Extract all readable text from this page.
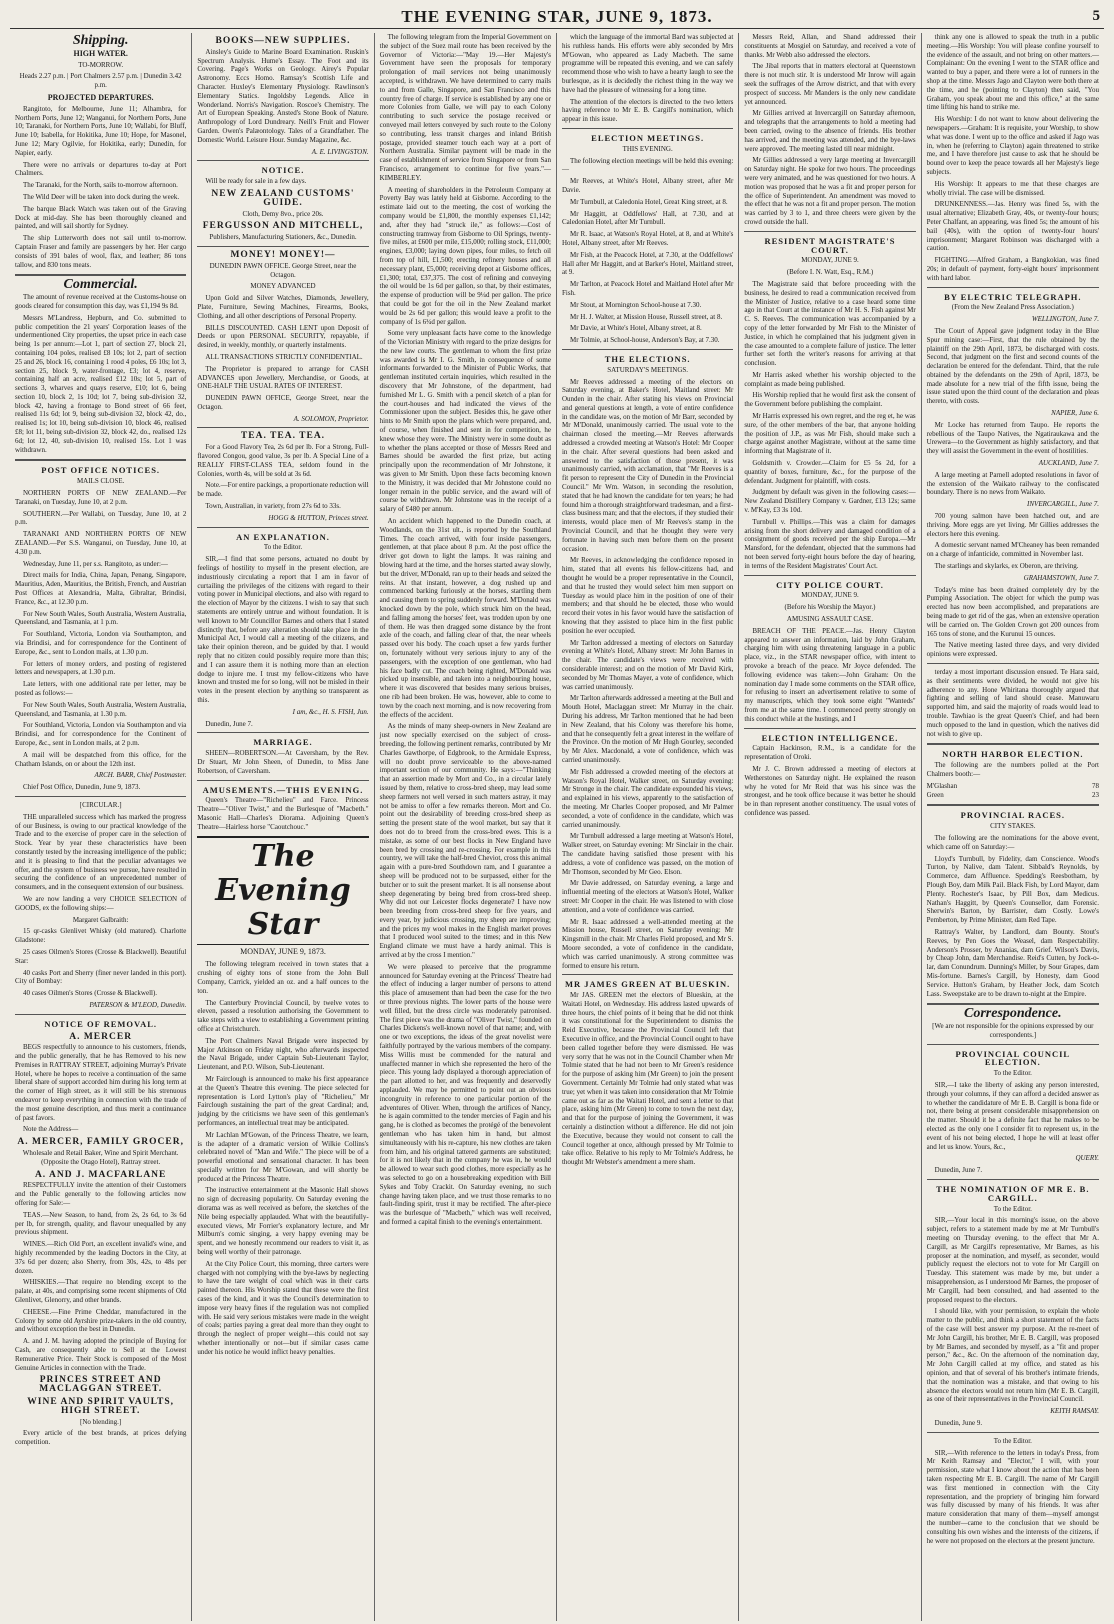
THE EVENING STAR, JUNE 9, 1873.	5
Shipping.
HIGH WATER.

TO-MORROW.

Heads 2.27 p.m. | Port Chalmers 2.57 p.m. | Dunedin 3.42 p.m.

PROJECTED DEPARTURES.

Rangitoto, for Melbourne, June 11; Alhambra, for Northern Ports, June 12; Wanganui, for Northern Ports, June 10; Taranaki, for Northern Ports, June 10; Wallabi, for Bluff, June 10; Isabella, for Hokitika, June 10; Hope, for Masonel, June 12; Mary Ogilvie, for Hokitika, early; Dunedin, for Napier, early.

There were no arrivals or departures to-day at Port Chalmers.

The Taranaki, for the North, sails to-morrow afternoon.

The Wild Deer will be taken into dock during the week.

The barque Black Watch was taken out of the Graving Dock at mid-day. She has been thoroughly cleaned and painted, and will sail shortly for Sydney.

The ship Lutterworth does not sail until to-morrow. Captain Fraser and family are passengers by her. Her cargo consists of 391 bales of wool, flax, and leather; 86 tons tallow, and 830 tons meats.

Commercial.

The amount of revenue received at the Customs-house on goods cleared for consumption this day, was £1,194 9s 8d.

Messrs M'Landress, Hepburn, and Co. submitted to public competition the 21 years' Corporation leases of the undermentioned City properties, the upset price in each case being 1s per annum:—Lot 1, part of section 27, block 21, containing 104 poles, realised £8 10s; lot 2, part of section 25 and 26, block 16, containing 1 rood 4 poles, £6 10s; lot 3, section 25, block 9, water-frontage, £3; lot 4, reserve, containing half an acre, realised £12 10s; lot 5, part of sections 3, wharves and quays reserve, £10; lot 6, being section 10, block 2, 1s 10d; lot 7, being sub-division 32, block 42, having a frontage to Bond street of 66 feet, realised 11s 6d; lot 9, being sub-division 32, block 42, do., realised 1s; lot 10, being sub-division 10, block 46, realised £8; lot 11, being sub-division 32, block 42, do., realised 12s 6d; lot 12, 40, sub-division 10, realised 15s. Lot 1 was withdrawn.

POST OFFICE NOTICES.

MAILS CLOSE.

NORTHERN PORTS OF NEW ZEALAND.—Per Taranaki, on Tuesday, June 10, at 2 p.m.

SOUTHERN.—Per Wallabi, on Tuesday, June 10, at 2 p.m.

TARANAKI AND NORTHERN PORTS OF NEW ZEALAND.—Per S.S. Wanganui, on Tuesday, June 10, at 4.30 p.m.

Wednesday, June 11, per s.s. Rangitoto, as under:—

Direct mails for India, China, Japan, Penang, Singapore, Mauritius, Aden, Mauritius, the British, French, and Austrian Post Offices at Alexandria, Malta, Gibraltar, Brindisi, France, &c., at 12.30 p.m.

For New South Wales, South Australia, Western Australia, Queensland, and Tasmania, at 1 p.m.

For Southland, Victoria, London via Southampton, and via Brindisi, and for correspondence for the Continent of Europe, &c., sent to London mails, at 1.30 p.m.

For letters of money orders, and posting of registered letters and newspapers, at 1.30 p.m.

Late letters, with one additional rate per letter, may be posted as follows:—

For New South Wales, South Australia, Western Australia, Queensland, and Tasmania, at 1.30 p.m.

For Southland, Victoria, London via Southampton and via Brindisi, and for correspondence for the Continent of Europe, &c., sent in London mails, at 2 p.m.

A mail will be despatched from this office, for the Chatham Islands, on or about the 12th inst.

ARCH. BARR, Chief Postmaster.

Chief Post Office, Dunedin, June 9, 1873.

[CIRCULAR.]

THE unparalleled success which has marked the progress of our Business, is owing to our practical knowledge of the Trade and to the exercise of proper care in the selection of Stock. Year by year these characteristics have been constantly tested by the increasing intelligence of the public; and it is pleasing to find that the peculiar advantages we offer, and the system of business we pursue, have resulted in securing the confidence of an unprecedented number of consumers, and in the consequent extension of our business.

We are now landing a very CHOICE SELECTION of GOODS, ex the following ships:—

Margaret Galbraith:

15 qr-casks Glenlivet Whisky (old matured). Charlotte Gladstone:

25 cases Oilmen's Stores (Crosse & Blackwell). Beautiful Star:

40 casks Port and Sherry (finer never landed in this port). City of Bombay:

40 cases Oilmen's Stores (Crosse & Blackwell).

PATERSON & M'LEOD, Dunedin.

NOTICE OF REMOVAL.
A. MERCER

BEGS respectfully to announce to his customers, friends, and the public generally, that he has Removed to his new Premises in RATTRAY STREET, adjoining Murray's Private Hotel, where he hopes to receive a continuation of the same liberal share of support accorded him during his long term at the corner of High street, as it will still be his strenuous endeavor to keep everything in connection with the trade of the most genuine description, and thus merit a continuance of past favors.

Note the Address—

A. MERCER, FAMILY GROCER,

Wholesale and Retail Baker, Wine and Spirit Merchant. (Opposite the Otago Hotel), Rattray street.

A. AND J. MACFARLANE

RESPECTFULLY invite the attention of their Customers and the Public generally to the following articles now offering for Sale:—

TEAS.—New Season, to hand, from 2s, 2s 6d, to 3s 6d per lb, for strength, quality, and flavour unequalled by any previous shipment.

WINES.—Rich Old Port, an excellent invalid's wine, and highly recommended by the leading Doctors in the City, at 37s 6d per dozen; also Sherry, from 30s, 42s, to 48s per dozen.

WHISKIES.—That require no blending except to the palate, at 40s, and comprising some recent shipments of Old Glenlivet, Glenorry, and other brands.

CHEESE.—Fine Prime Cheddar, manufactured in the Colony by some old Ayrshire prize-takers in the old country, and without exception the best in Dunedin.

A. and J. M. having adopted the principle of Buying for Cash, are consequently able to Sell at the Lowest Remunerative Price. Their Stock is composed of the Most Genuine Articles in connection with the Trade.

PRINCES STREET AND MACLAGGAN STREET.
WINE AND SPIRIT VAULTS, HIGH STREET.

[No blending.]

Every article of the best brands, at prices defying competition.

BOOKS—NEW SUPPLIES.

Ainsley's Guide to Marine Board Examination. Ruskin's Spectrum Analysis. Hume's Essay. The Foot and its Covering. Page's Works on Geology. Airey's Popular Astronomy. Eccs Homo. Ramsay's Scottish Life and Character. Huxley's Elementary Physiology. Rawlinson's Elementary Statics. Ingoldsby Legends. Alice in Wonderland. Norris's Navigation. Roscoe's Chemistry. The Art of European Speaking. Ansted's Stone Book of Nature. Anthropology of Lord Dundreary. Neill's Fruit and Flower Garden. Owen's Palæontology. Tales of a Grandfather. The Domestic World. Leisure Hour. Sunday Magazine, &c.

A. E. LIVINGSTON.

NOTICE.

Will be ready for sale in a few days.

NEW ZEALAND CUSTOMS' GUIDE.

Cloth, Demy 8vo., price 20s.

FERGUSSON AND MITCHELL,

Publishers, Manufacturing Stationers, &c., Dunedin.

MONEY! MONEY!—

DUNEDIN PAWN OFFICE. George Street, near the Octagon.

MONEY ADVANCED

Upon Gold and Silver Watches, Diamonds, Jewellery, Plate, Furniture, Sewing Machines, Firearms, Books, Clothing, and all other descriptions of Personal Property.

BILLS DISCOUNTED. CASH LENT upon Deposit of Deeds or upon PERSONAL SECURITY, repayable, if desired, in weekly, monthly, or quarterly instalments.

ALL TRANSACTIONS STRICTLY CONFIDENTIAL.

The Proprietor is prepared to arrange for CASH ADVANCES upon Jewellery, Merchandise, or Goods, at ONE-HALF THE USUAL RATES OF INTEREST.

DUNEDIN PAWN OFFICE, George Street, near the Octagon.

A. SOLOMON, Proprietor.

TEA. TEA. TEA.

For a Good Flavory Tea, 2s 6d per lb. For a Strong, Full-flavored Congou, good value, 3s per lb. A Special Line of a REALLY FIRST-CLASS TEA, seldom found in the Colonies, worth 4s, will be sold at 3s 6d.

Note.—For entire packings, a proportionate reduction will be made.

Town, Australian, in variety, from 27s 6d to 33s.

HOGG & HUTTON, Princes street.

AN EXPLANATION.

To the Editor.

SIR,—I find that some persons, actuated no doubt by feelings of hostility to myself in the present election, are industriously circulating a report that I am in favor of curtailing the privileges of the citizens with regard to their voting power in Municipal elections, and also with regard to the election of Mayor by the citizens. I wish to say that such statements are entirely untrue and without foundation. It is well known to Mr Councillor Barnes and others that I stated distinctly that, before any alteration should take place in the Municipal Act, I would call a meeting of the citizens, and take their opinion thereon, and be guided by that. I would reply that no citizen could possibly require more than this; and I can assure them it is nothing more than an election dodge to injure me. I trust my fellow-citizens who have known and trusted me for so long, will not be misled in their votes in the present election by anything so transparent as this.

I am, &c., H. S. FISH, Jun.

Dunedin, June 7.

MARRIAGE.

SHEEN—ROBERTSON.—At Caversham, by the Rev. Dr Stuart, Mr John Sheen, of Dunedin, to Miss Jane Robertson, of Caversham.

AMUSEMENTS.—THIS EVENING.

Queen's Theatre—"Richelieu" and Farce. Princess Theatre—"Oliver Twist," and the Burlesque of "Macbeth." Masonic Hall—Charles's Diorama. Adjoining Queen's Theatre—Hairless horse "Caoutchouc."

The Evening Star
MONDAY, JUNE 9, 1873.

The following telegram received in town states that a crushing of eighty tons of stone from the John Bull Company, Carrick, yielded an oz. and a half ounces to the ton.

The Canterbury Provincial Council, by twelve votes to eleven, passed a resolution authorising the Government to take steps with a view to establishing a Government printing office at Christchurch.

The Port Chalmers Naval Brigade were inspected by Major Atkinson on Friday night, who afterwards inspected the Naval Brigade, under Captain Sub-Lieutenant Taylor, Lieutenant, and P.O. Wilson, Sub-Lieutenant.

Mr Fairclough is announced to make his first appearance at the Queen's Theatre this evening. The piece selected for representation is Lord Lytton's play of "Richelieu," Mr Fairclough sustaining the part of the great Cardinal; and, judging by the criticisms we have seen of this gentleman's performances, an intellectual treat may be anticipated.

Mr Lachlan M'Gowan, of the Princess Theatre, we learn, is the adapter of a dramatic version of Wilkie Collins's celebrated novel of "Man and Wife." The piece will be of a powerful emotional and sensational character. It has been specially written for Mr M'Gowan, and will shortly be produced at the Princess Theatre.

The instructive entertainment at the Masonic Hall shows no sign of decreasing popularity. On Saturday evening the diorama was as well received as before, the sketches of the Nile being especially applauded. What with the beautifully-executed views, Mr Forrier's explanatory lecture, and Mr Milburn's comic singing, a very happy evening may be spent, and we honestly recommend our readers to visit it, as being well worthy of their patronage.

At the City Police Court, this morning, three carters were charged with not complying with the bye-laws by neglecting to have the tare weight of coal which was in their carts painted thereon. His Worship stated that these were the first cases of the kind, and it was the Council's determination to impose very heavy fines if the regulation was not complied with. He said very serious mistakes were made in the weight of coals; parties paying a great deal more than they ought to through the neglect of proper weight—this could not say whether intentionally or not—but if similar cases came under his notice he would inflict heavy penalties.

The following telegram from the Imperial Government on the subject of the Suez mail route has been received by the Governor of Victoria:—"May 19.—Her Majesty's Government have seen the proposals for temporary prolongation of mail services not being unanimously accepted, is withdrawn. We have determined to carry mails to and from Galle, Singapore, and San Francisco and this country free of charge. If service is established by any one or more Colonies from Galle, we will pay to each Colony contributing to such service the postage received or conveyed mail letters conveyed by such route to the Colony so contributing, less transit charges and inland British postage, provided steamer touch each way at a port of Northern Australia. Similar payment will be made in the case of establishment of service from Singapore or from San Francisco, arrangement to continue for five years."—KIMBERLEY.

A meeting of shareholders in the Petroleum Company at Poverty Bay was lately held at Gisborne. According to the estimate laid out to the meeting, the cost of working the company would be £1,800, the monthly expenses £1,142; and, after they had "struck ile," as follows:—Cost of constructing tramway from Gisborne to Oil Springs, twenty-five miles, at £600 per mile, £15,000; rolling stock, £11,000; engines, £3,000; laying down pipes, four miles, to fetch oil from top of hill, £1,500; erecting refinery houses and all necessary plant, £5,000; receiving depot at Gisborne offices, £1,300; total, £37,375. The cost of refining and conveying the oil would be 1s 6d per gallon, so that, by their estimates, the expense of production will be 9¼d per gallon. The price that could be got for the oil in the New Zealand market would be 2s 6d per gallon; this would leave a profit to the company of 1s 6¾d per gallon.

Some very unpleasant facts have come to the knowledge of the Victorian Ministry with regard to the prize designs for the new law courts. The gentleman to whom the first prize was awarded is Mr I. G. Smith, in consequence of some informants forwarded to the Minister of Public Works, that gentleman instituted certain inquiries, which resulted in the discovery that Mr Johnstone, of the department, had furnished Mr L. G. Smith with a pencil sketch of a plan for the court-houses and had indicated the views of the Commissioner upon the subject. Besides this, he gave other hints to Mr Smith upon the plans which were prepared, and, of course, when finished and sent in for competition, he knew whose they were. The Ministry were in some doubt as to whether the plans accepted or those of Messrs Reed and Barnes should be awarded the first prize, but acting principally upon the recommendation of Mr Johnstone, it was given to Mr Smith. Upon these facts becoming known to the Ministry, it was decided that Mr Johnstone could no longer remain in the public service, and the award will of course be withdrawn. Mr Johnstone was in the receipt of a salary of £480 per annum.

An accident which happened to the Dunedin coach, at Woodlands, on the 31st ult., is reported by the Southland Times. The coach arrived, with four inside passengers, gentlemen, at that place about 8 p.m. At the post office the driver got down to light the lamps. It was raining and blowing hard at the time, and the horses started away slowly, but the driver, M'Donald, ran up to their heads and seized the reins. At that instant, however, a dog rushed up and commenced barking furiously at the horses, startling them and causing them to spring suddenly forward. M'Donald was knocked down by the pole, which struck him on the head, and falling among the horses' feet, was trodden upon by one of them. He was then dragged some distance by the front axle of the coach, and falling clear of that, the near wheels passed over his body. The coach upset a few yards further on, fortunately without very serious injury to any of the passengers, with the exception of one gentleman, who had his face badly cut. The coach being righted, M'Donald was picked up insensible, and taken into a neighbouring house, where it was discovered that besides many serious bruises, one rib had been broken. He was, however, able to come to town by the coach next morning, and is now recovering from the effects of the accident.

As the minds of many sheep-owners in New Zealand are just now specially exercised on the subject of cross-breeding, the following pertinent remarks, contributed by Mr Charles Gawthorpe, of Edgbrook, to the Armidale Express, will no doubt prove serviceable to the above-named important section of our community. He says:—"Thinking that an assertion made by Mort and Co., in a circular lately issued by them, relative to cross-bred sheep, may lead some sheep farmers not well versed in such matters astray, it may not be amiss to offer a few remarks thereon. Mort and Co. point out the desirability of breeding cross-bred sheep as setting the present state of the wool market, but say that it does not do to breed from the cross-bred ewes. This is a mistake, as some of our best flocks in New England have been bred by crossing and re-crossing. For example in this country, we will take the half-bred Cheviot, cross this animal again with a pure-bred Southdown ram, and I guarantee a sheep will be produced not to be surpassed, either for the butcher or to suit the present market. It is all nonsense about sheep degenerating by being bred from cross-bred sheep. Why did not our Leicester flocks degenerate? I have now been breeding from cross-bred sheep for five years, and every year, by judicious crossing, my sheep are improving; and the prices my wool makes in the English market proves that I produced wool suited to the times; and in this New England climate we must have a hardy animal. This is arrived at by the cross I mention."

We were pleased to perceive that the programme announced for Saturday evening at the Princess' Theatre had the effect of inducing a larger number of persons to attend this place of amusement than had been the case for the two or three previous nights. The lower parts of the house were well filled, but the dress circle was moderately patronised. The first piece was the drama of "Oliver Twist," founded on Charles Dickens's well-known novel of that name; and, with one or two exceptions, the ideas of the great novelist were faithfully portrayed by the various members of the company. Miss Willis must be commended for the natural and unaffected manner in which she represented the hero of the piece. This young lady displayed a thorough appreciation of the part allotted to her, and was frequently and deservedly applauded. We may be permitted to point out an obvious incongruity in reference to one particular portion of the adventures of Oliver. When, through the artifices of Nancy, he is again committed to the tender mercies of Fagin and his gang, he is clothed as becomes the protégé of the benevolent gentleman who has taken him in hand, but almost simultaneously with his re-capture, his new clothes are taken from him, and his original tattered garments are substituted; for it is not likely that in the company he was in, he would be allowed to wear such good clothes, more especially as he was selected to go on a housebreaking expedition with Bill Sykes and Toby Crackit. On Saturday evening, no such change having taken place, and we trust those remarks to no fault-finding spirit, trust it may be rectified. The after-piece was the burlesque of "Macbeth," which was well received, and formed a capital finish to the evening's entertainment.

which the language of the immortal Bard was subjected at his ruthless hands. His efforts were ably seconded by Mrs M'Gowan, who appeared as Lady Macbeth. The same programme will be repeated this evening, and we can safely recommend those who wish to have a hearty laugh to see the burlesque, as it is decidedly the richest thing in the way we have had the pleasure of witnessing for a long time.

The attention of the electors is directed to the two letters having reference to Mr E. B. Cargill's nomination, which appear in this issue.

ELECTION MEETINGS.

THIS EVENING.

The following election meetings will be held this evening:—

Mr Reeves, at White's Hotel, Albany street, after Mr Davie.

Mr Turnbull, at Caledonia Hotel, Great King street, at 8.

Mr Haggitt, at Oddfellows' Hall, at 7.30, and at Caledonian Hotel, after Mr Turnbull.

Mr R. Isaac, at Watson's Royal Hotel, at 8, and at White's Hotel, Albany street, after Mr Reeves.

Mr Fish, at the Peacock Hotel, at 7.30, at the Oddfellows' Hall after Mr Haggitt, and at Barker's Hotel, Maitland street, at 9.

Mr Tarlton, at Peacock Hotel and Maitland Hotel after Mr Fish.

Mr Stout, at Mornington School-house at 7.30.

Mr H. J. Walter, at Mission House, Russell street, at 8.

Mr Davie, at White's Hotel, Albany street, at 8.

Mr Tolmie, at School-house, Anderson's Bay, at 7.30.

THE ELECTIONS.

SATURDAY'S MEETINGS.

Mr Reeves addressed a meeting of the electors on Saturday evening, at Baker's Hotel, Maitland street: Mr Ounden in the chair. After stating his views on Provincial and general questions at length, a vote of entire confidence in the candidate was, on the motion of Mr Barr, seconded by Mr M'Donald, unanimously carried. The usual vote to the chairman closed the meeting.—Mr Reeves afterwards addressed a crowded meeting at Watson's Hotel: Mr Cooper in the chair. After several questions had been asked and answered to the satisfaction of those present, it was unanimously carried, with acclamation, that "Mr Reeves is a fit person to represent the City of Dunedin in the Provincial Council." Mr Wm. Watson, in seconding the resolution, stated that he had known the candidate for ten years; he had found him a thorough straightforward tradesman, and a first-class business man; and that the electors, if they studied their interests, would place men of Mr Reeves's stamp in the Provincial Council, and that he thought they were very fortunate in having such men before them on the present occasion.

Mr Reeves, in acknowledging the confidence reposed in him, stated that all events his fellow-citizens had, and thought he would be a proper representative in the Council, and that he trusted they would select him men support on Tuesday as would place him in the position of one of their members; and that should he be elected, those who would record their votes in his favor would have the satisfaction of knowing that they assisted to place him in the first public position he ever occupied.

Mr Tarlton addressed a meeting of electors on Saturday evening at White's Hotel, Albany street: Mr John Barnes in the chair. The candidate's views were received with considerable interest; and on the motion of Mr David Kirk, seconded by Mr Thomas Mayer, a vote of confidence, which was carried unanimously.

Mr Tarlton afterwards addressed a meeting at the Bull and Mouth Hotel, Maclaggan street: Mr Murray in the chair. During his address, Mr Tarlton mentioned that he had been in New Zealand, that his Colony was therefore his home, and that he consequently felt a great interest in the welfare of the Province. On the motion of Mr Hugh Gourley, seconded by Mr Alex. Macdonald, a vote of confidence, which was carried unanimously.

Mr Fish addressed a crowded meeting of the electors at Watson's Royal Hotel, Walker street, on Saturday evening: Mr Stronge in the chair. The candidate expounded his views, and explained in his views, apparently to the satisfaction of the meeting. Mr Charles Cooper proposed, and Mr Palmer seconded, a vote of confidence in the candidate, which was carried unanimously.

Mr Turnbull addressed a large meeting at Watson's Hotel, Walker street, on Saturday evening: Mr Sinclair in the chair. The candidate having satisfied those present with his address, a vote of confidence was passed, on the motion of Mr Thomson, seconded by Mr Geo. Elson.

Mr Davie addressed, on Saturday evening, a large and influential meeting of the electors at Watson's Hotel, Walker street: Mr Cooper in the chair. He was listened to with close attention, and a vote of confidence was carried.

Mr R. Isaac addressed a well-attended meeting at the Mission house, Russell street, on Saturday evening: Mr Kingsmill in the chair. Mr Charles Field proposed, and Mr S. Moore seconded, a vote of confidence in the candidate, which was carried unanimously. A strong committee was formed to ensure his return.

MR JAMES GREEN AT BLUESKIN.

Mr JAS. GREEN met the electors of Blueskin, at the Waitati Hotel, on Wednesday. His address lasted upwards of three hours, the chief points of it being that he did not think it was constitutional for the Superintendent to dismiss the Reid Executive, because the Provincial Council left that Executive in office, and the Provincial Council ought to have been called together before they were dismissed. He was very sorry that he was not in the Council Chamber when Mr Tolmie stated that he had not been to Mr Green's residence for the purpose of asking him (Mr Green) to join the present Government. Certainly Mr Tolmie had only stated what was true; yet when it was taken into consideration that Mr Tolmie came out as far as the Waitati Hotel, and sent a letter to that place, asking him (Mr Green) to come to town the next day, and that for the purpose of joining the Government, it was certainly a distinction without a difference. He did not join the Executive, because they would not consent to call the Council together at once, although pressed by Mr Tolmie to take office. Relative to his reply to Mr Tolmie's Address, he thought Mr Webster's amendment a mere sham.

Messrs Reid, Allan, and Shand addressed their constituents at Mosgiel on Saturday, and received a vote of thanks. Mr Webb also addressed the electors.

The Jibal reports that in matters electoral at Queenstown there is not much stir. It is understood Mr Inrow will again seek the suffrages of the Arrow district, and that with every prospect of success. Mr Manders is the only new candidate yet announced.

Mr Gillies arrived at Invercargill on Saturday afternoon, and telegraphs that the arrangements to hold a meeting had been carried, owing to the absence of friends. His brother has arrived, and the meeting was attended, and the bye-laws were approved. The meeting lasted till near midnight.

Mr Gillies addressed a very large meeting at Invercargill on Saturday night. He spoke for two hours. The proceedings were very animated, and he was questioned for two hours. A motion was proposed that he was a fit and proper person for the office of Superintendent. An amendment was moved to the effect that he was not a fit and proper person. The motion was carried by 3 to 1, and three cheers were given by the crowd outside the hall.

RESIDENT MAGISTRATE'S COURT.

MONDAY, JUNE 9.

(Before I. N. Watt, Esq., R.M.)

The Magistrate said that before proceeding with the business, he desired to read a communication received from the Minister of Justice, relative to a case heard some time ago in that Court at the instance of Mr H. S. Fish against Mr C. S. Reeves. The communication was accompanied by a copy of the letter forwarded by Mr Fish to the Minister of Justice, in which he complained that his judgment given in the case amounted to a complete failure of justice. The letter further set forth the writer's reasons for arriving at that conclusion.

Mr Harris asked whether his worship objected to the complaint as made being published.

His Worship replied that he would first ask the consent of the Government before publishing the complaint.

Mr Harris expressed his own regret, and the reg et, he was sure, of the other members of the bar, that anyone holding the position of J.P., as was Mr Fish, should make such a charge against another Magistrate, without at the same time informing that Magistrate of it.

Goldsmith v. Crowder.—Claim for £5 5s 2d, for a quantity of boxes, furniture, &c., for the purpose of the defendant. Judgment for plaintiff, with costs.

Judgment by default was given in the following cases:—New Zealand Distillery Company v. Gardner, £13 12s; same v. M'Kay, £3 3s 10d.

Turnbull v. Phillips.—This was a claim for damages arising from the short delivery and damaged condition of a consignment of goods received per the ship Europa.—Mr Mansford, for the defendant, objected that the summons had not been served forty-eight hours before the day of hearing, in terms of the Resident Magistrates' Court Act.

CITY POLICE COURT.

MONDAY, JUNE 9.

(Before his Worship the Mayor.)

AMUSING ASSAULT CASE.

BREACH OF THE PEACE.—Jas. Henry Clayton appeared to answer an information, laid by John Graham, charging him with using threatening language in a public place, viz., in the STAR newspaper office, with intent to provoke a breach of the peace. Mr Joyce defended. The following evidence was taken:—John Graham: On the nomination day I made some comments on the STAR office, for refusing to insert an advertisement relative to some of my manuscripts, which they took some eight "Wanteds" from me at the same time. I commenced pretty strongly on this conduct while at the hustings, and I

ELECTION INTELLIGENCE.

Captain Hackinson, R.M., is a candidate for the representation of Oroki.

Mr J. C. Brown addressed a meeting of electors at Wetherstones on Saturday night. He explained the reason why he voted for Mr Reid that was his since was the strongest, and he took office because it was better he should be in than represent another constituency. The usual votes of confidence was passed.

think any one is allowed to speak the truth in a public meeting.—His Worship: You will please confine yourself to the evidence of the assault, and not bring on other matters.—Complainant: On the evening I went to the STAR office and wanted to buy a paper, and there were a lot of runners in the shop at the time. Messrs Jago and Clayton were both there at the time, and he (pointing to Clayton) then said, "You Graham, you speak about me and this office," at the same time lifting his hand to strike me.

His Worship: I do not want to know about delivering the newspapers.—Graham: It is requisite, your Worship, to show what was done. I went up to the office and asked if Jago was in, when he (referring to Clayton) again threatened to strike me, and I have therefore just cause to ask that he should be bound over to keep the peace towards all her Majesty's liege subjects.

His Worship: It appears to me that these charges are wholly trivial. The case will be dismissed.

DRUNKENNESS.—Jas. Henry was fined 5s, with the usual alternative; Elizabeth Gray, 40s, or twenty-four hours; Peter Chalfant, an appearing, was fined 5s; the amount of his bail (40s), with the option of twenty-four hours' imprisonment; Margaret Robinson was discharged with a caution.

FIGHTING.—Alfred Graham, a Bangkokian, was fined 20s; in default of payment, forty-eight hours' imprisonment with hard labor.

BY ELECTRIC TELEGRAPH.

(From the New Zealand Press Association.)

WELLINGTON, June 7.

The Court of Appeal gave judgment today in the Blue Spur mining case:—First, that the rule obtained by the plaintiff on the 29th April, 1873, be discharged with costs. Second, that judgment on the first and second counts of the declaration be entered for the defendant. Third, that the rule obtained by the defendants on the 29th of April, 1873, be made absolute for a new trial of the fifth issue, being the issue stated upon the third count of the declaration and pleas thereto, with costs.

NAPIER, June 6.

Mr Locke has returned from Taupo. He reports the rebellious of the Taupo Natives, the Ngatiraukawa and the Urewera—to the Government as highly satisfactory, and that they will assist the Government in the event of hostilities.

AUCKLAND, June 7.

A large meeting at Parnell adopted resolutions in favor of the extension of the Waikato railway to the confiscated boundary. There is no news from Waikato.

INVERCARGILL, June 7.

700 young salmon have been hatched out, and are thriving. More eggs are yet living. Mr Gillies addresses the electors here this evening.

A domestic servant named M'Cheaney has been remanded on a charge of infanticide, committed in November last.

The starlings and skylarks, ex Oberon, are thriving.

GRAHAMSTOWN, June 7.

Today's mine has been drained completely dry by the Pumping Association. The object for which the pump was erected has now been accomplished, and preparations are being made to get rid of the gas, when an extensive operation will be carried on. The Golden Crown got 200 ounces from 165 tons of stone, and the Kurunui 15 ounces.

The Native meeting lasted three days, and very divided opinions were expressed.

terday a most important discussion ensued. Te Hara said, as their sentiments were divided, he would not give his adherence to any. Hone Whiritana thoroughly argued that fighting and selling of land should cease. Manuwaru supported him, and said the majority of roads would lead to trouble. Tawhiao is the great Queen's Chief, and had been much opposed to the land in question, which the natives did not wish to give up.

NORTH HARBOR ELECTION.

The following are the numbers polled at the Port Chalmers booth:—

M'Glashan	78
Green	23
PROVINCIAL RACES.

CITY STAKES.

The following are the nominations for the above event, which came off on Saturday:—

Lloyd's Turnbull, by Fidelity, dam Conscience. Wood's Turton, by Nalive, dam Talent. Sibbald's Reynolds, by Commerce, dam Affluence. Spedding's Reesbotham, by Plough Boy, dam Milk Pail. Black Fish, by Lord Mayor, dam Plenty. Rochester's Isaac, by Pill Box, dam Medicus. Nathan's Haggitt, by Queen's Counsellor, dam Forensic. Sherwin's Barton, by Barrister, dam Costly. Lowe's Pemberton, by Prime Minister, dam Red Tape.

Rattray's Walter, by Landlord, dam Bounty. Stout's Reeves, by Pen Goes the Weasel, dam Respectability. Anderson's Prosser, by Ananias, dam Grief. Wilson's Davis, by Cheap John, dam Merchandise. Reid's Cutten, by Jock-o-lar, dam Conundrum. Dunning's Miller, by Sour Grapes, dam Mis-fortune. Barnes's Cargill, by Honesty, dam Good Service. Hutton's Graham, by Heather Jock, dam Scotch Lass. Sweepstake are to be drawn to-night at the Empire.

Correspondence.

[We are not responsible for the opinions expressed by our correspondents.]

PROVINCIAL COUNCIL ELECTION.

To the Editor.

SIR,—I take the liberty of asking any person interested, through your columns, if they can afford a decided answer as to whether the candidature of Mr E. B. Cargill is bona fide or not, there being at present considerable misapprehension on the matter. Should it be a definite fact that he makes to be elected as the only one I consider fit to represent us, in the event of his not being elected, I hope he will at least offer and let us know. Yours, &c.,

QUERY.

Dunedin, June 7.

THE NOMINATION OF MR E. B. CARGILL.

To the Editor.

SIR,—Your local in this morning's issue, on the above subject, refers to a statement made by me at Mr Turnbull's meeting on Thursday evening, to the effect that Mr A. Cargill, as Mr Cargill's representative, Mr Barnes, as his proposer at the nomination, and myself, as seconder, would publicly request the electors not to vote for Mr Cargill on Tuesday. This statement was made by me, but under a misapprehension, as I understood Mr Barnes, the proposer of Mr Cargill, had been consulted, and had assented to the proposed request to the electors.

I should like, with your permission, to explain the whole matter to the public, and think a short statement of the facts of the case will best answer my purpose. At the re-meet of Mr John Cargill, his brother, Mr E. B. Cargill, was proposed by Mr Barnes, and seconded by myself, as a "fit and proper person," &c., &c. On the afternoon of the nomination day, Mr John Cargill called at my office, and stated as his opinion, and that of several of his brother's intimate friends, that the nomination was a mistake, and that owing to his absence the electors would not return him (Mr E. B. Cargill, as one of their representatives in the Provincial Council.

KEITH RAMSAY.

Dunedin, June 9.

To the Editor.

SIR,—With reference to the letters in today's Press, from Mr Keith Ramsay and "Elector," I will, with your permission, state what I know about the action that has been taken respecting Mr E. B. Cargill. The name of Mr Cargill was first mentioned in connection with the City representation, and the propriety of bringing him forward was fully discussed by many of his friends. It was after mature consideration that many of them—myself amongst the number—came to the conclusion that we should be consulting his own wishes and the interests of the citizens, if he were not proposed on the electors at the present juncture.
